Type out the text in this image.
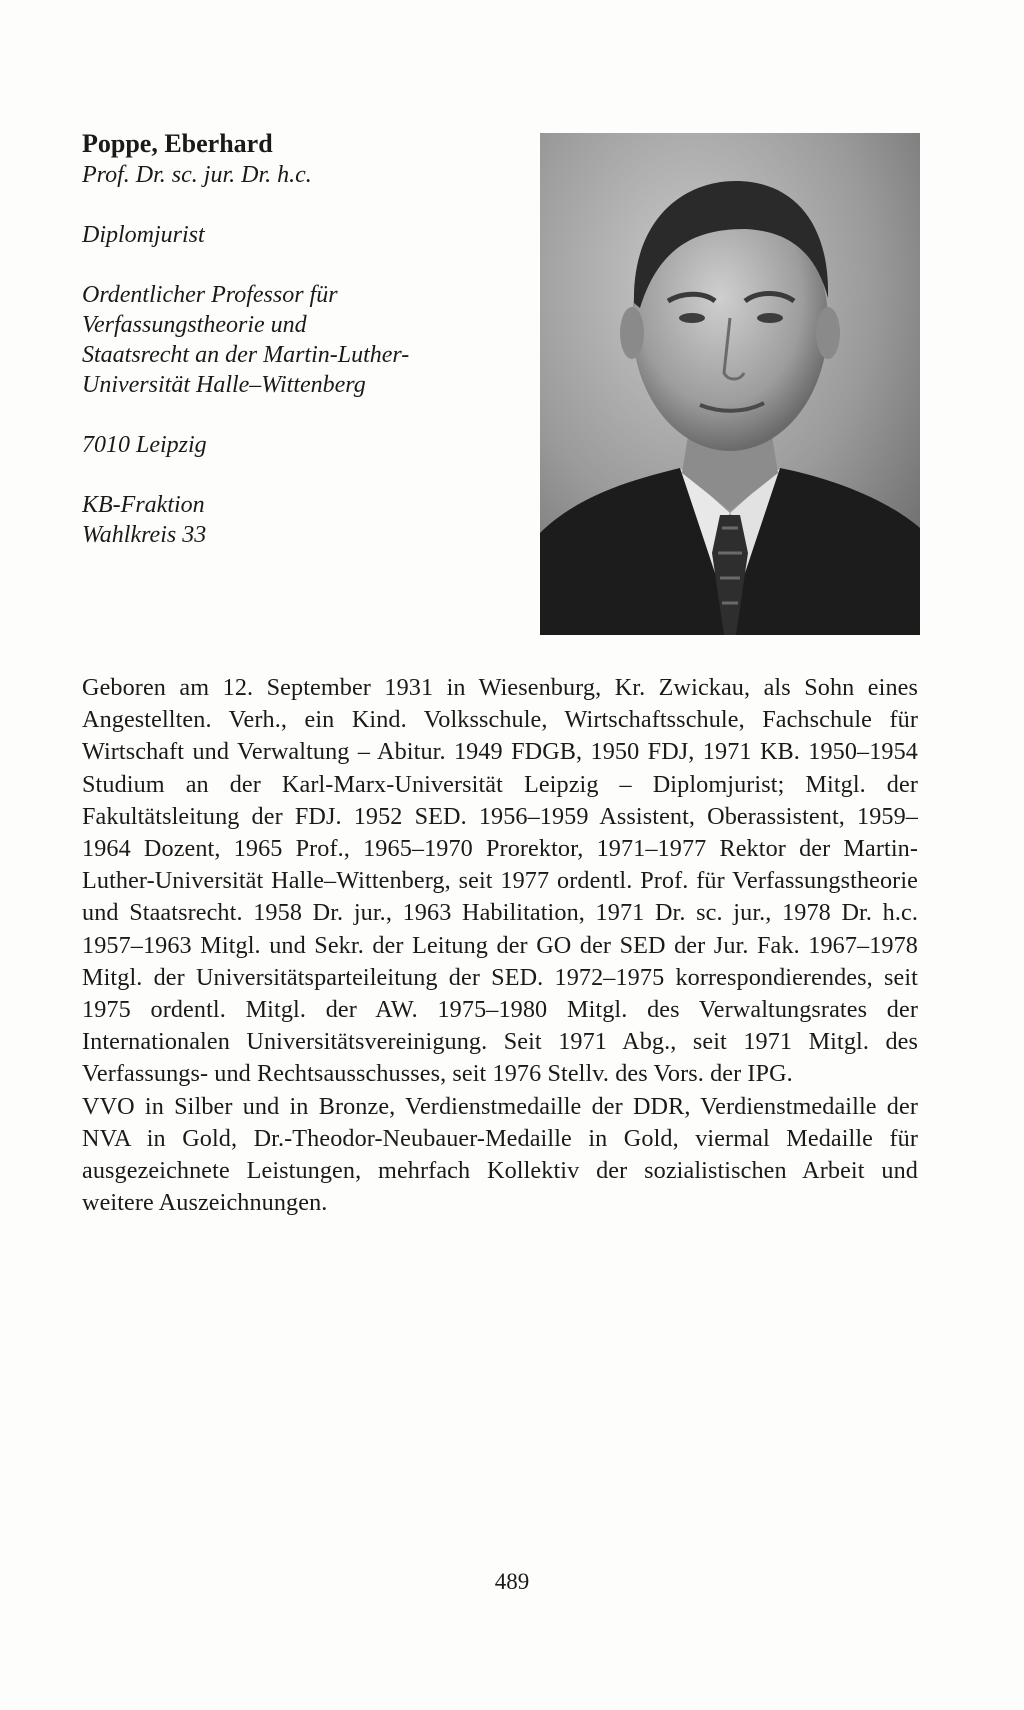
Poppe, Eberhard

Prof. Dr. sc. jur. Dr. h.c.

Diplomjurist

Ordentlicher Professor für

Verfassungstheorie und

Staatsrecht an der Martin-Luther-

Universität Halle–Wittenberg

7010 Leipzig

KB-Fraktion

Wahlkreis 33

Geboren am 12. September 1931 in Wiesenburg, Kr. Zwickau, als Sohn eines Angestellten. Verh., ein Kind. Volksschule, Wirtschaftsschule, Fachschule für Wirtschaft und Verwaltung – Abitur. 1949 FDGB, 1950 FDJ, 1971 KB. 1950–1954 Studium an der Karl-Marx-Universität Leipzig – Diplomjurist; Mitgl. der Fakultätsleitung der FDJ. 1952 SED. 1956–1959 Assistent, Oberassistent, 1959–1964 Dozent, 1965 Prof., 1965–1970 Prorektor, 1971–1977 Rektor der Martin-Luther-Universität Halle–Wittenberg, seit 1977 ordentl. Prof. für Verfassungstheorie und Staatsrecht. 1958 Dr. jur., 1963 Habilitation, 1971 Dr. sc. jur., 1978 Dr. h.c. 1957–1963 Mitgl. und Sekr. der Leitung der GO der SED der Jur. Fak. 1967–1978 Mitgl. der Universitätsparteileitung der SED. 1972–1975 korrespondierendes, seit 1975 ordentl. Mitgl. der AW. 1975–1980 Mitgl. des Verwaltungsrates der Internationalen Universitätsvereinigung. Seit 1971 Abg., seit 1971 Mitgl. des Verfassungs- und Rechtsausschusses, seit 1976 Stellv. des Vors. der IPG.

VVO in Silber und in Bronze, Verdienstmedaille der DDR, Verdienstmedaille der NVA in Gold, Dr.-Theodor-Neubauer-Medaille in Gold, viermal Medaille für ausgezeichnete Leistungen, mehrfach Kollektiv der sozialistischen Arbeit und weitere Auszeichnungen.

489
